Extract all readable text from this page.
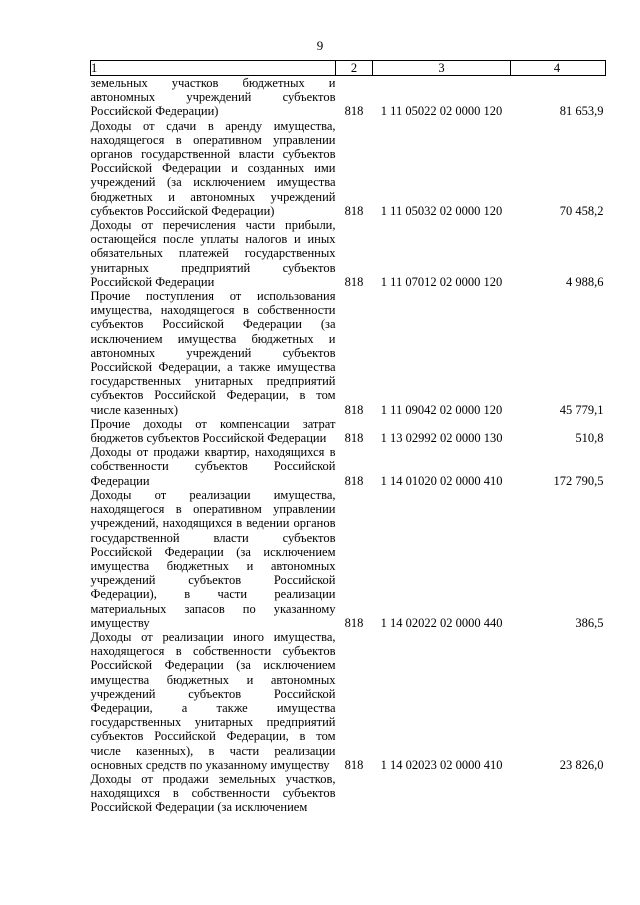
9
1	2	3	4
земельных участков бюджетных и автономных учреждений субъектов Российской Федерации)	818	1 11 05022 02 0000 120	81 653,9
Доходы от сдачи в аренду имущества, находящегося в оперативном управлении органов государственной власти субъектов Российской Федерации и созданных ими учреждений (за исключением имущества бюджетных и автономных учреждений субъектов Российской Федерации)	818	1 11 05032 02 0000 120	70 458,2
Доходы от перечисления части прибыли, остающейся после уплаты налогов и иных обязательных платежей государственных унитарных предприятий субъектов Российской Федерации	818	1 11 07012 02 0000 120	4 988,6
Прочие поступления от использования имущества, находящегося в собственности субъектов Российской Федерации (за исключением имущества бюджетных и автономных учреждений субъектов Российской Федерации, а также имущества государственных унитарных предприятий субъектов Российской Федерации, в том числе казенных)	818	1 11 09042 02 0000 120	45 779,1
Прочие доходы от компенсации затрат бюджетов субъектов Российской Федерации	818	1 13 02992 02 0000 130	510,8
Доходы от продажи квартир, находящихся в собственности субъектов Российской Федерации	818	1 14 01020 02 0000 410	172 790,5
Доходы от реализации имущества, находящегося в оперативном управлении учреждений, находящихся в ведении органов государственной власти субъектов Российской Федерации (за исключением имущества бюджетных и автономных учреждений субъектов Российской Федерации), в части реализации материальных запасов по указанному имуществу	818	1 14 02022 02 0000 440	386,5
Доходы от реализации иного имущества, находящегося в собственности субъектов Российской Федерации (за исключением имущества бюджетных и автономных учреждений субъектов Российской Федерации, а также имущества государственных унитарных предприятий субъектов Российской Федерации, в том числе казенных), в части реализации основных средств по указанному имуществу	818	1 14 02023 02 0000 410	23 826,0
Доходы от продажи земельных участков, находящихся в собственности субъектов Российской Федерации (за исключением			
